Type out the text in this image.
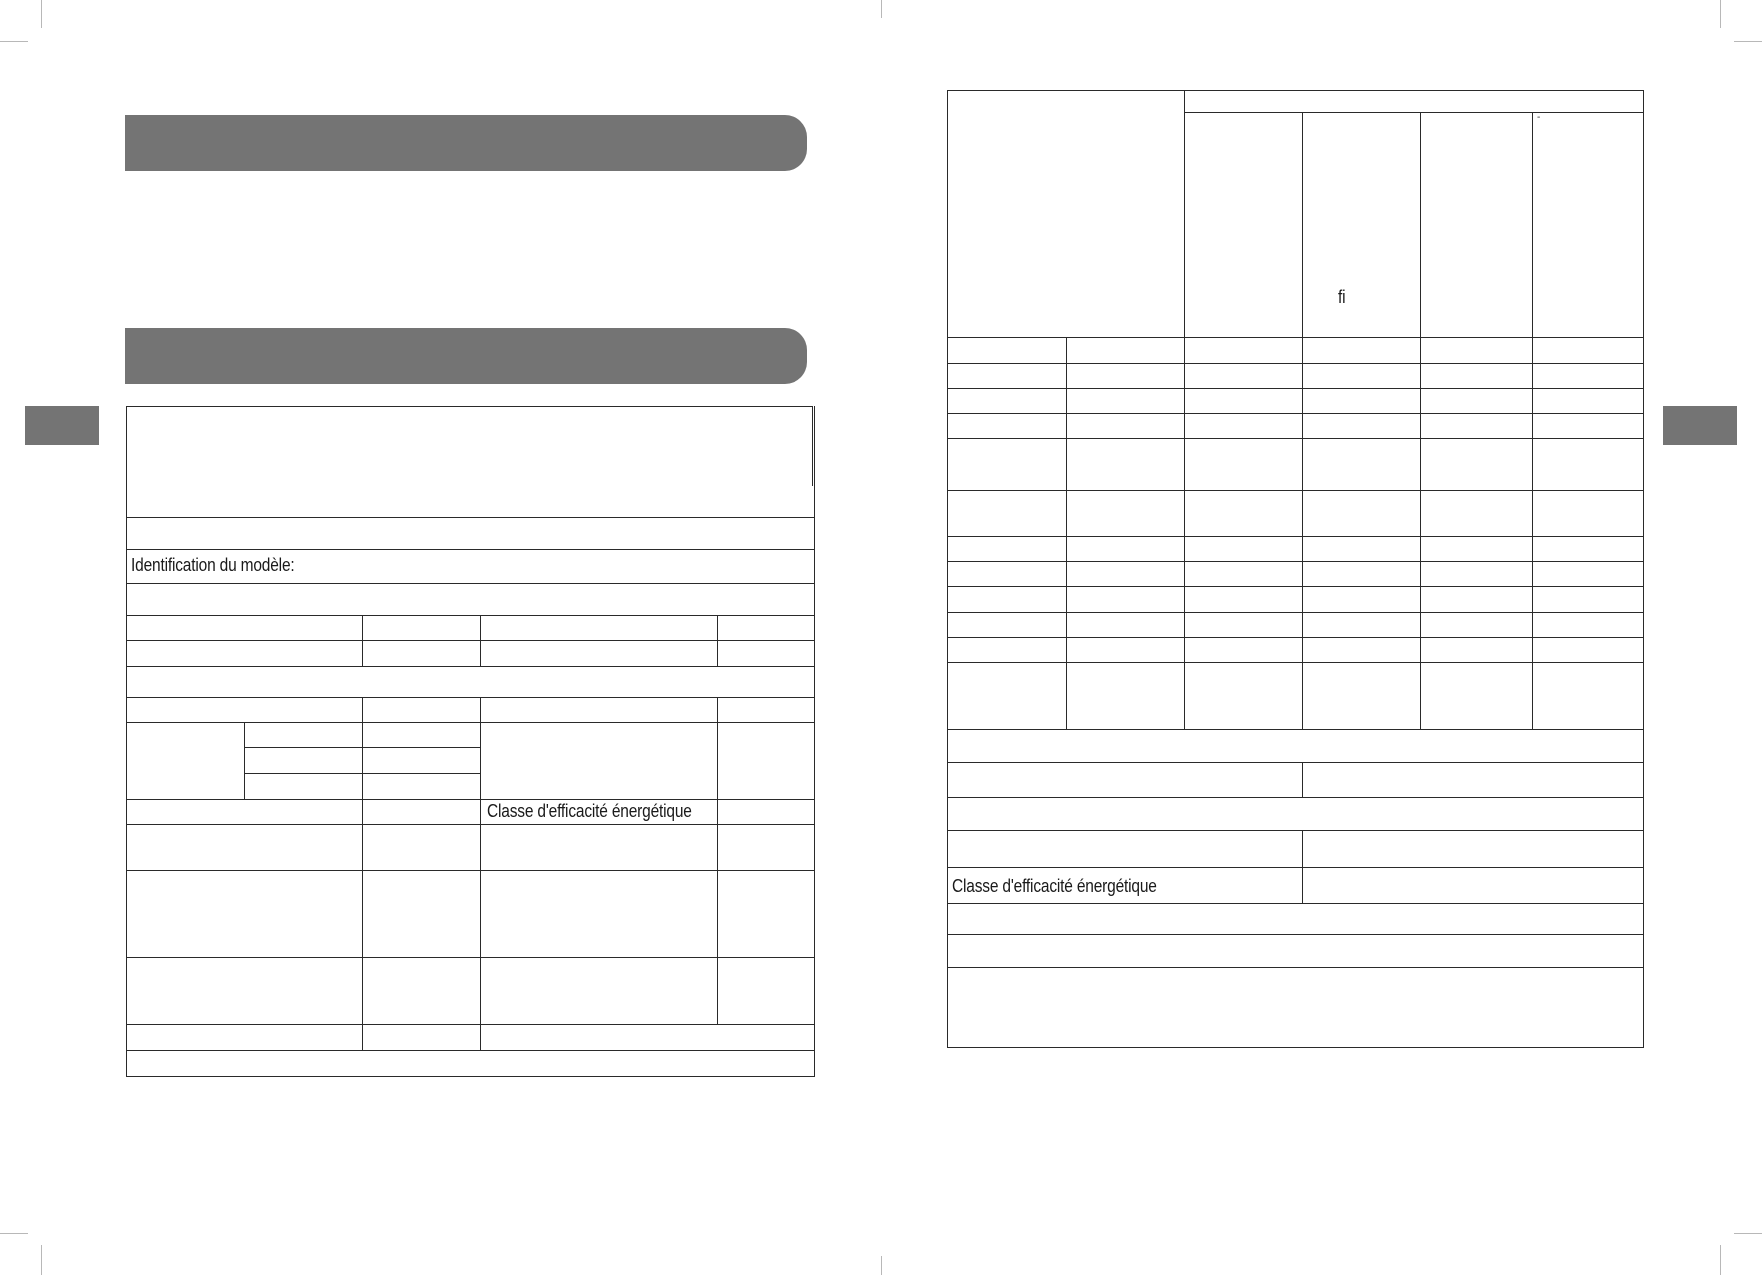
Identification du modèle:
Classe d'efficacité énergétique
fi
-
Classe d'efficacité énergétique
